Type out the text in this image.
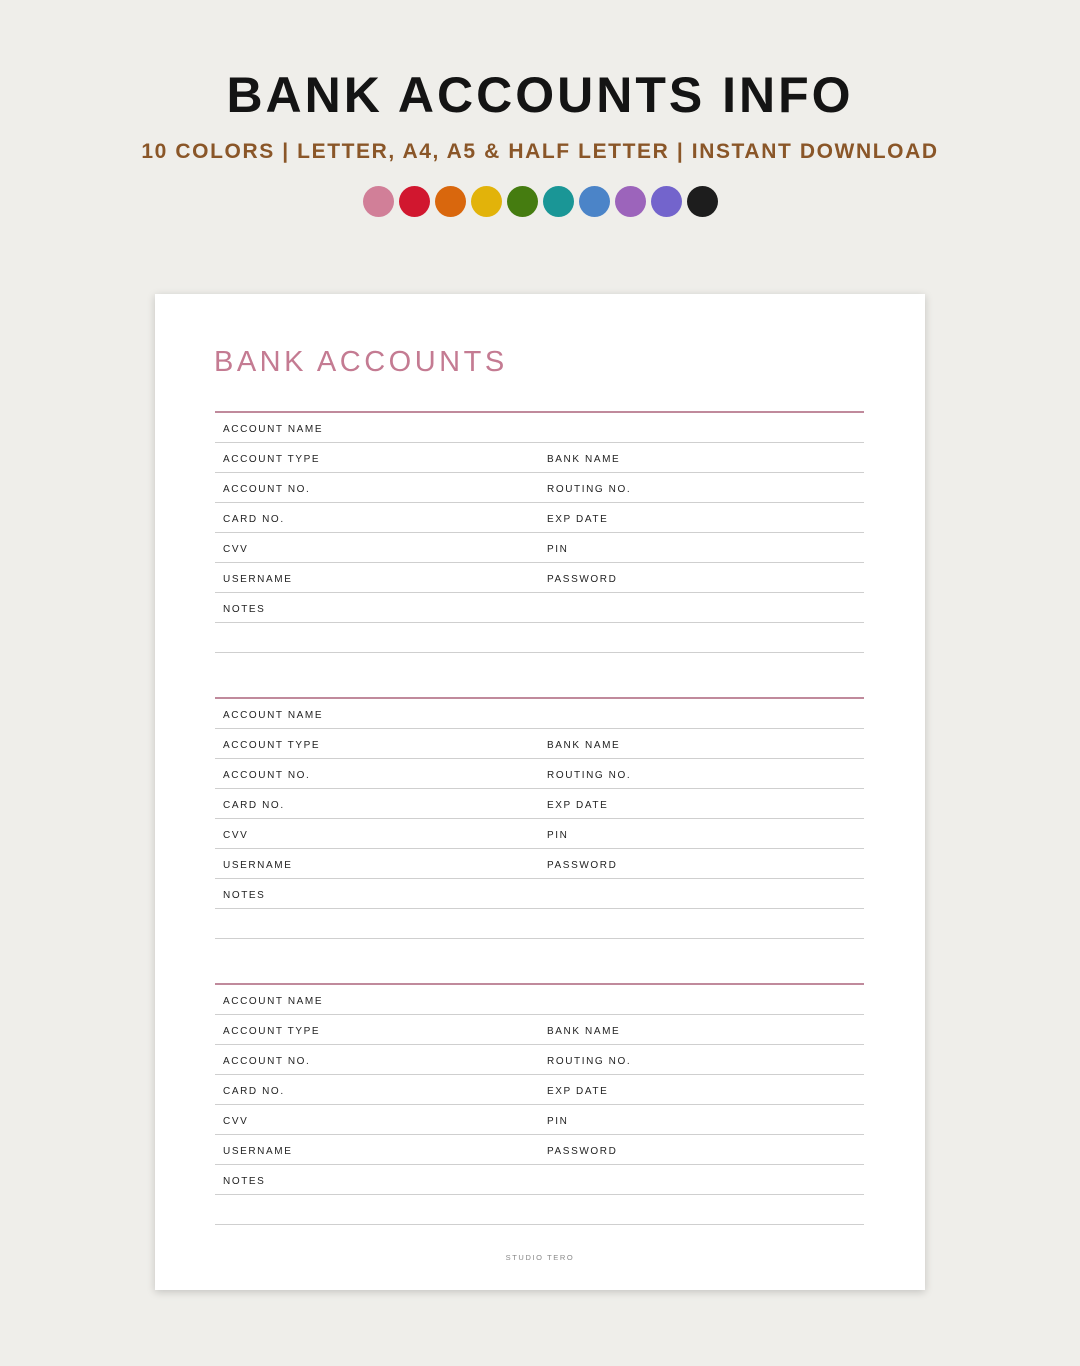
BANK ACCOUNTS INFO
10 COLORS | LETTER, A4, A5 & HALF LETTER | INSTANT DOWNLOAD
BANK ACCOUNTS
ACCOUNT NAME
ACCOUNT TYPE	BANK NAME
ACCOUNT NO.	ROUTING NO.
CARD NO.	EXP DATE
CVV	PIN
USERNAME	PASSWORD
NOTES
ACCOUNT NAME
ACCOUNT TYPE	BANK NAME
ACCOUNT NO.	ROUTING NO.
CARD NO.	EXP DATE
CVV	PIN
USERNAME	PASSWORD
NOTES
ACCOUNT NAME
ACCOUNT TYPE	BANK NAME
ACCOUNT NO.	ROUTING NO.
CARD NO.	EXP DATE
CVV	PIN
USERNAME	PASSWORD
NOTES
STUDIO TERO
